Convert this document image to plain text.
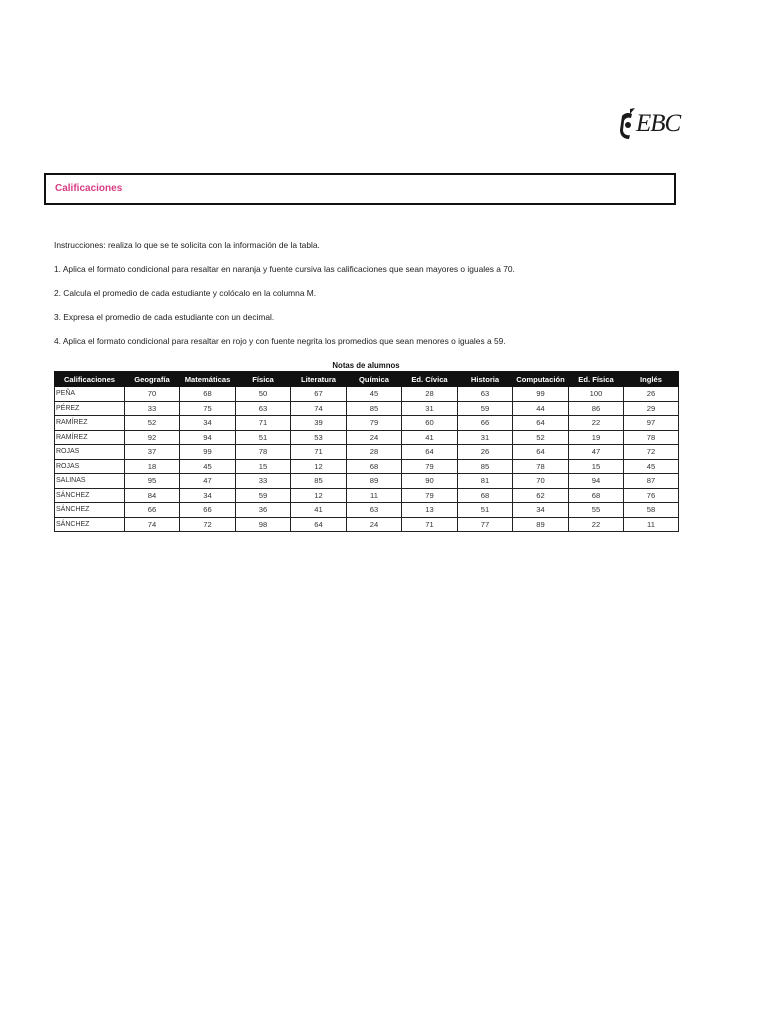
EBC
Calificaciones
Instrucciones: realiza lo que se te solicita con la información de la tabla.
1. Aplica el formato condicional para resaltar en naranja y fuente cursiva las calificaciones que sean mayores o iguales a 70.
2. Calcula el promedio de cada estudiante y colócalo en la columna M.
3. Expresa el promedio de cada estudiante con un decimal.
4. Aplica el formato condicional para resaltar en rojo y con fuente negrita los promedios que sean menores o iguales a 59.
Notas de alumnos
Calificaciones	Geografía	Matemáticas	Física	Literatura	Química	Ed. Cívica	Historia	Computación	Ed. Física	Inglés
PEÑA	70	68	50	67	45	28	63	99	100	26
PÉREZ	33	75	63	74	85	31	59	44	86	29
RAMÍREZ	52	34	71	39	79	60	66	64	22	97
RAMÍREZ	92	94	51	53	24	41	31	52	19	78
ROJAS	37	99	78	71	28	64	26	64	47	72
ROJAS	18	45	15	12	68	79	85	78	15	45
SALINAS	95	47	33	85	89	90	81	70	94	87
SÁNCHEZ	84	34	59	12	11	79	68	62	68	76
SÁNCHEZ	66	66	36	41	63	13	51	34	55	58
SÁNCHEZ	74	72	98	64	24	71	77	89	22	11
